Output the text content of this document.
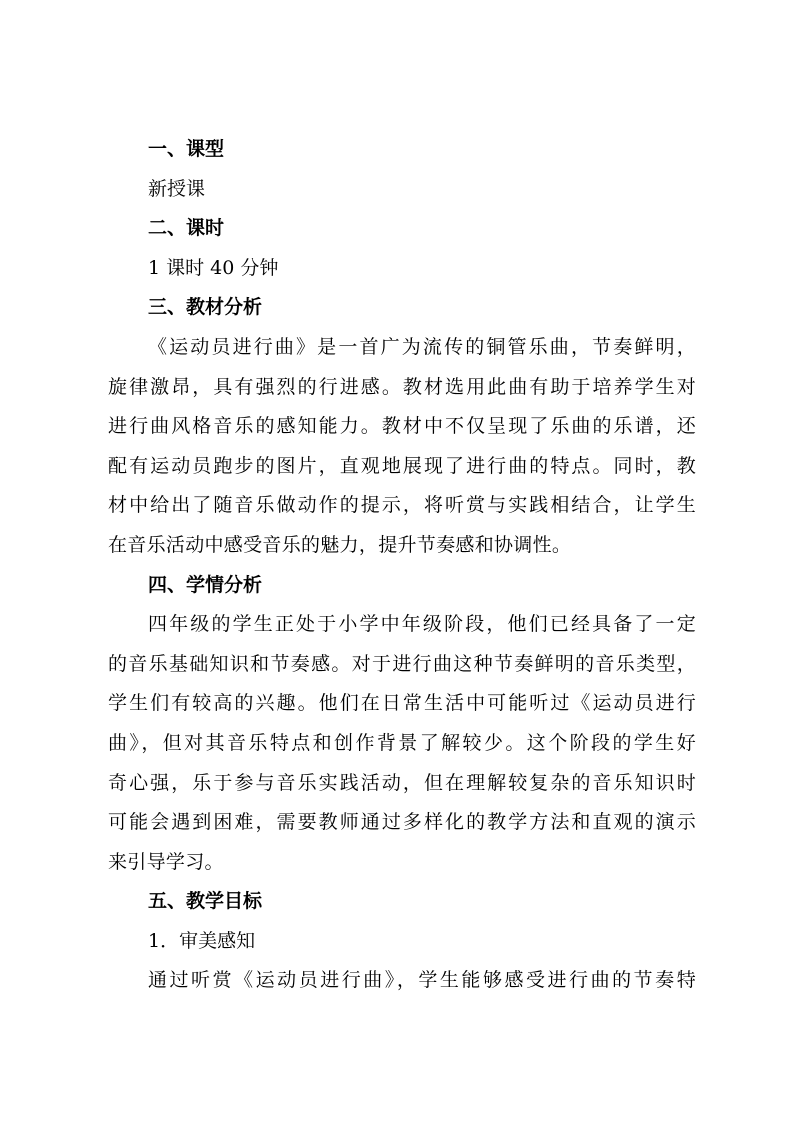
一、课型
新授课
二、课时
1 课时 40 分钟
三、教材分析
《运动员进行曲》是一首广为流传的铜管乐曲，节奏鲜明，
旋律激昂，具有强烈的行进感。教材选用此曲有助于培养学生对
进行曲风格音乐的感知能力。教材中不仅呈现了乐曲的乐谱，还
配有运动员跑步的图片，直观地展现了进行曲的特点。同时，教
材中给出了随音乐做动作的提示，将听赏与实践相结合，让学生
在音乐活动中感受音乐的魅力，提升节奏感和协调性。
四、学情分析
四年级的学生正处于小学中年级阶段，他们已经具备了一定
的音乐基础知识和节奏感。对于进行曲这种节奏鲜明的音乐类型，
学生们有较高的兴趣。他们在日常生活中可能听过《运动员进行
曲》，但对其音乐特点和创作背景了解较少。这个阶段的学生好
奇心强，乐于参与音乐实践活动，但在理解较复杂的音乐知识时
可能会遇到困难，需要教师通过多样化的教学方法和直观的演示
来引导学习。
五、教学目标
1．审美感知
通过听赏《运动员进行曲》，学生能够感受进行曲的节奏特
